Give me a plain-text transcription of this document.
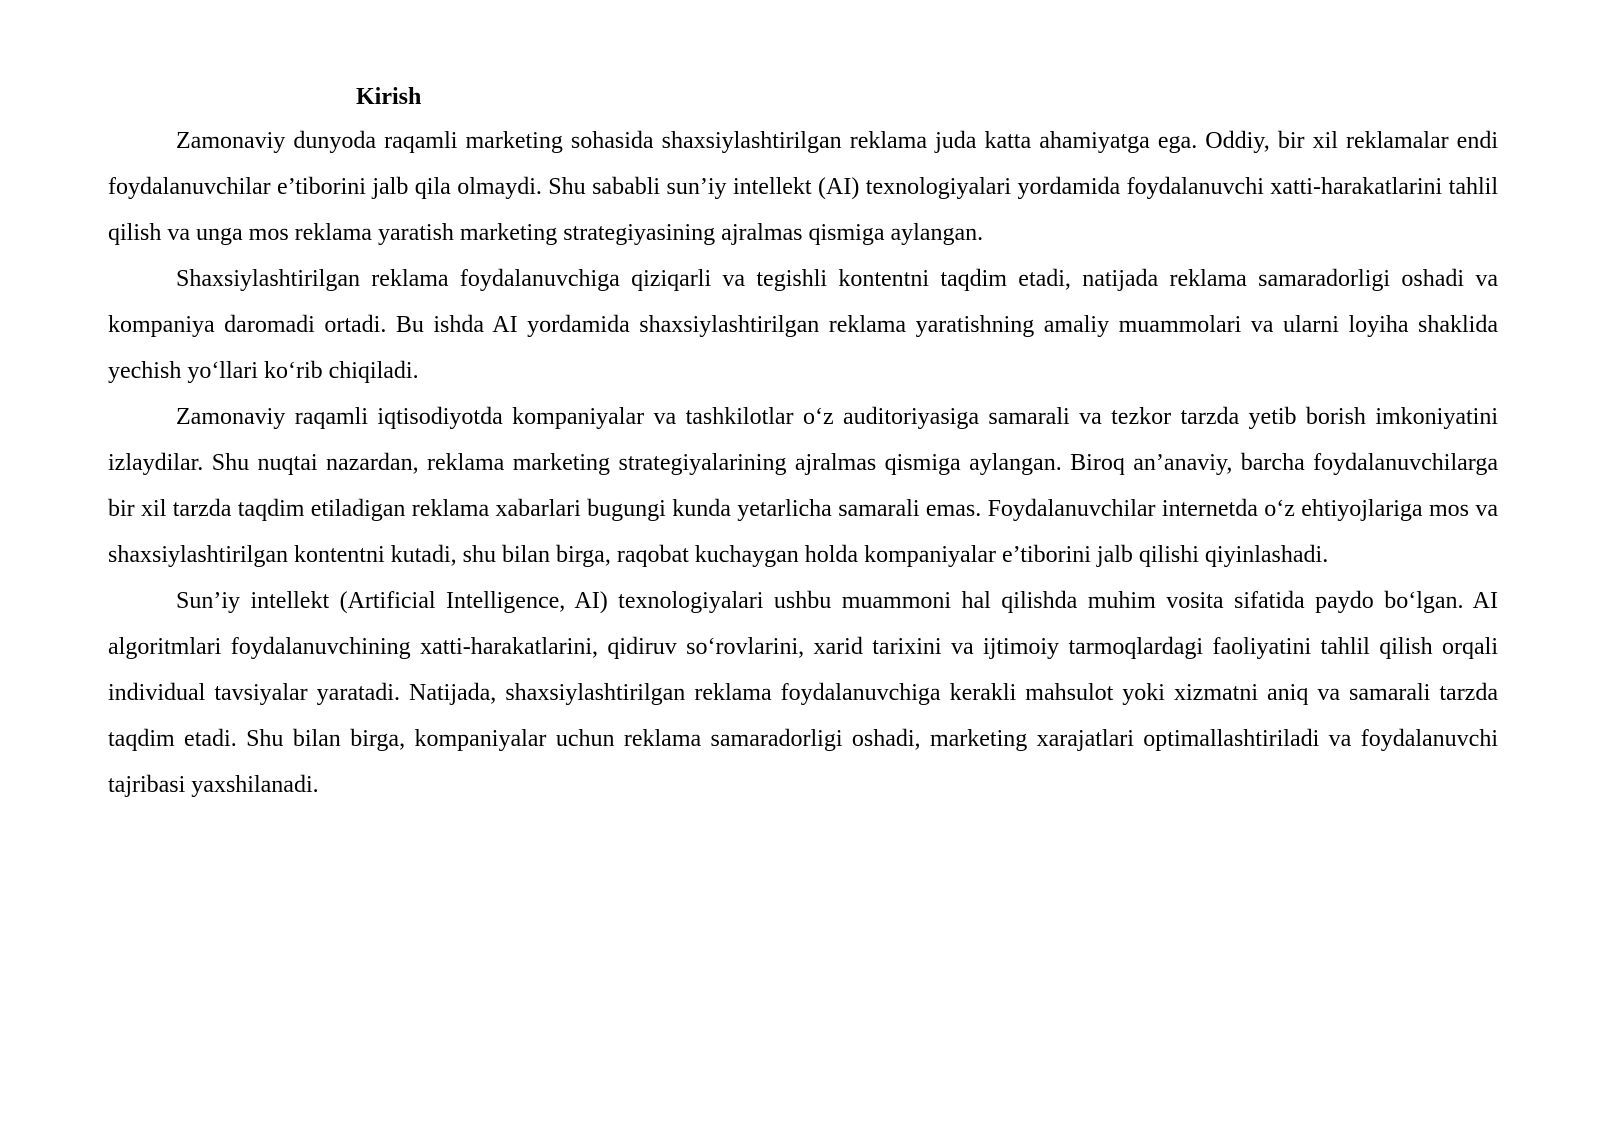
Kirish

Zamonaviy dunyoda raqamli marketing sohasida shaxsiylashtirilgan reklama juda katta ahamiyatga ega. Oddiy, bir xil reklamalar endi foydalanuvchilar e’tiborini jalb qila olmaydi. Shu sababli sun’iy intellekt (AI) texnologiyalari yordamida foydalanuvchi xatti-harakatlarini tahlil qilish va unga mos reklama yaratish marketing strategiyasining ajralmas qismiga aylangan.

Shaxsiylashtirilgan reklama foydalanuvchiga qiziqarli va tegishli kontentni taqdim etadi, natijada reklama samaradorligi oshadi va kompaniya daromadi ortadi. Bu ishda AI yordamida shaxsiylashtirilgan reklama yaratishning amaliy muammolari va ularni loyiha shaklida yechish yo‘llari ko‘rib chiqiladi.

Zamonaviy raqamli iqtisodiyotda kompaniyalar va tashkilotlar o‘z auditoriyasiga samarali va tezkor tarzda yetib borish imkoniyatini izlaydilar. Shu nuqtai nazardan, reklama marketing strategiyalarining ajralmas qismiga aylangan. Biroq an’anaviy, barcha foydalanuvchilarga bir xil tarzda taqdim etiladigan reklama xabarlari bugungi kunda yetarlicha samarali emas. Foydalanuvchilar internetda o‘z ehtiyojlariga mos va shaxsiylashtirilgan kontentni kutadi, shu bilan birga, raqobat kuchaygan holda kompaniyalar e’tiborini jalb qilishi qiyinlashadi.

Sun’iy intellekt (Artificial Intelligence, AI) texnologiyalari ushbu muammoni hal qilishda muhim vosita sifatida paydo bo‘lgan. AI algoritmlari foydalanuvchining xatti-harakatlarini, qidiruv so‘rovlarini, xarid tarixini va ijtimoiy tarmoqlardagi faoliyatini tahlil qilish orqali individual tavsiyalar yaratadi. Natijada, shaxsiylashtirilgan reklama foydalanuvchiga kerakli mahsulot yoki xizmatni aniq va samarali tarzda taqdim etadi. Shu bilan birga, kompaniyalar uchun reklama samaradorligi oshadi, marketing xarajatlari optimallashtiriladi va foydalanuvchi tajribasi yaxshilanadi.
